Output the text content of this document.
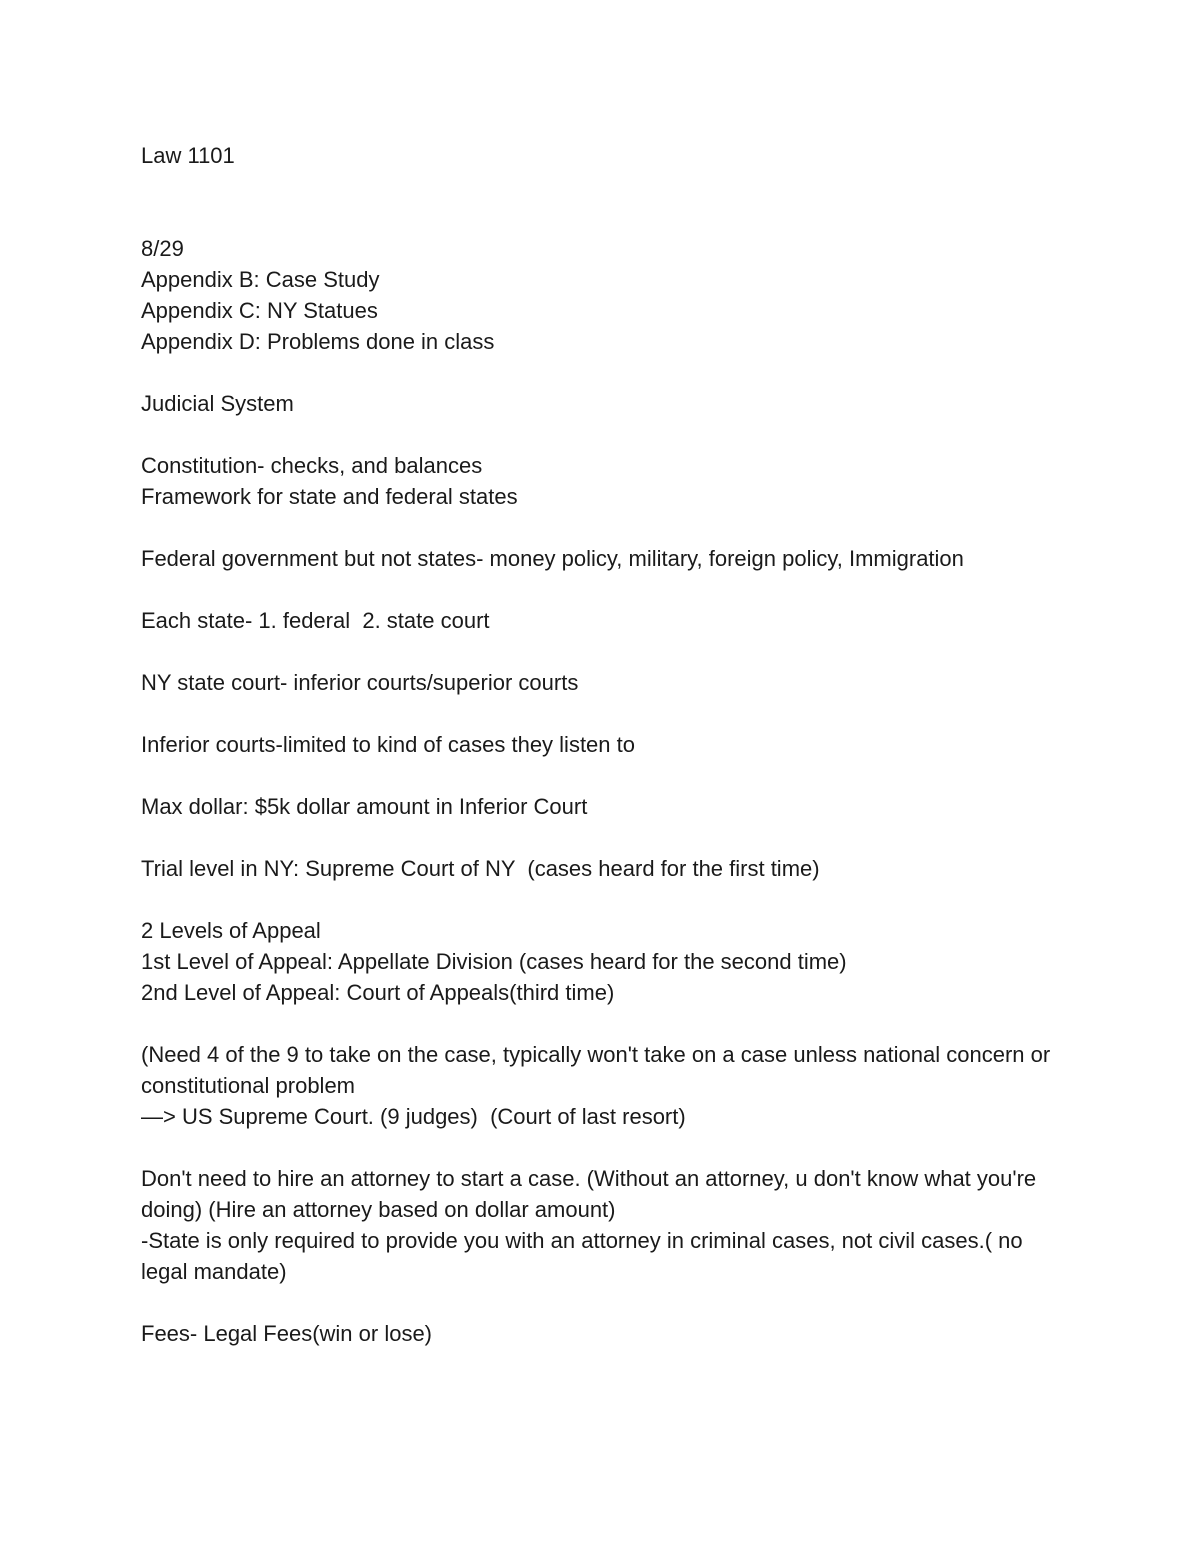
Law 1101
8/29
Appendix B: Case Study
Appendix C: NY Statues
Appendix D: Problems done in class
Judicial System
Constitution- checks, and balances
Framework for state and federal states
Federal government but not states- money policy, military, foreign policy, Immigration
Each state- 1. federal  2. state court
NY state court- inferior courts/superior courts
Inferior courts-limited to kind of cases they listen to
Max dollar: $5k dollar amount in Inferior Court
Trial level in NY: Supreme Court of NY  (cases heard for the first time)
2 Levels of Appeal
1st Level of Appeal: Appellate Division (cases heard for the second time)
2nd Level of Appeal: Court of Appeals(third time)
(Need 4 of the 9 to take on the case, typically won't take on a case unless national concern or constitutional problem
—> US Supreme Court. (9 judges)  (Court of last resort)
Don't need to hire an attorney to start a case. (Without an attorney, u don't know what you're doing) (Hire an attorney based on dollar amount)
-State is only required to provide you with an attorney in criminal cases, not civil cases.( no legal mandate)
Fees- Legal Fees(win or lose)
